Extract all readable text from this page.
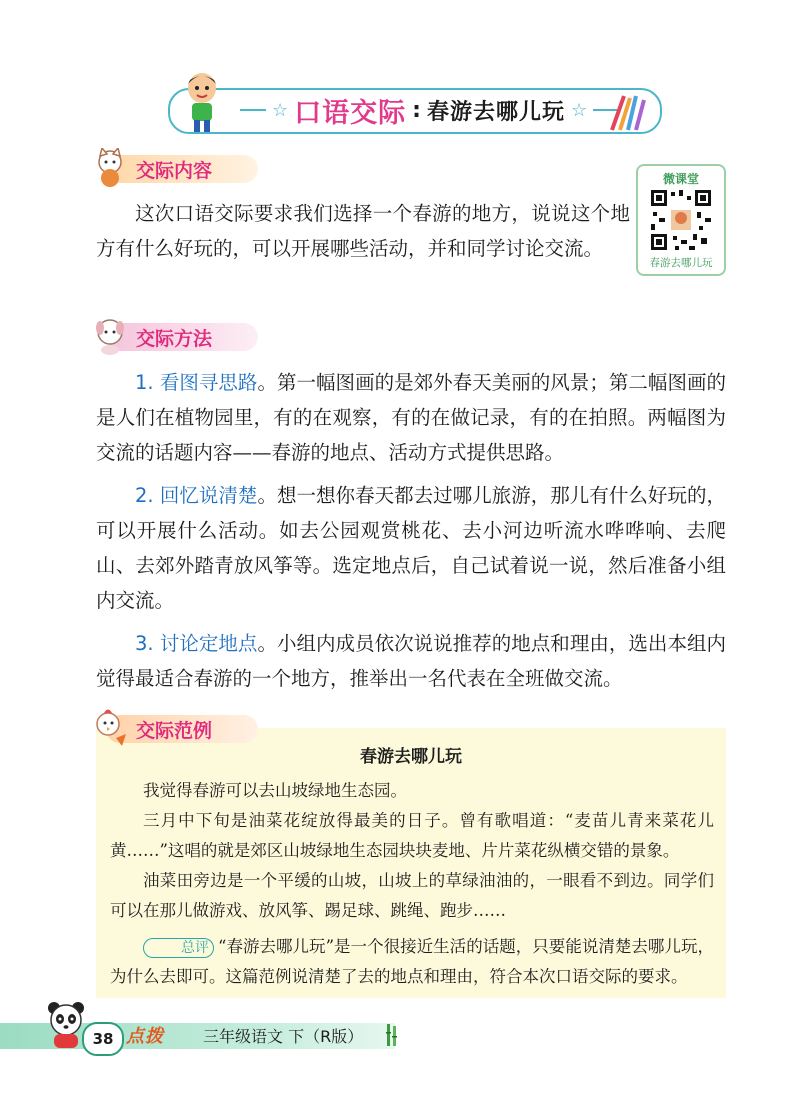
☆ 口语交际 : 春游去哪儿玩 ☆
交际内容
这次口语交际要求我们选择一个春游的地方，说说这个地方有什么好玩的，可以开展哪些活动，并和同学讨论交流。
微课堂
春游去哪儿玩
交际方法
1. 看图寻思路。第一幅图画的是郊外春天美丽的风景；第二幅图画的是人们在植物园里，有的在观察，有的在做记录，有的在拍照。两幅图为交流的话题内容——春游的地点、活动方式提供思路。
2. 回忆说清楚。想一想你春天都去过哪儿旅游，那儿有什么好玩的，可以开展什么活动。如去公园观赏桃花、去小河边听流水哗哗响、去爬山、去郊外踏青放风筝等。选定地点后，自己试着说一说，然后准备小组内交流。
3. 讨论定地点。小组内成员依次说说推荐的地点和理由，选出本组内觉得最适合春游的一个地方，推举出一名代表在全班做交流。
春游去哪儿玩
我觉得春游可以去山坡绿地生态园。
三月中下旬是油菜花绽放得最美的日子。曾有歌唱道：“麦苗儿青来菜花儿黄……”这唱的就是郊区山坡绿地生态园块块麦地、片片菜花纵横交错的景象。
油菜田旁边是一个平缓的山坡，山坡上的草绿油油的，一眼看不到边。同学们可以在那儿做游戏、放风筝、踢足球、跳绳、跑步……
总评 “春游去哪儿玩”是一个很接近生活的话题，只要能说清楚去哪儿玩，为什么去即可。这篇范例说清楚了去的地点和理由，符合本次口语交际的要求。
交际范例
38 点拨 三年级语文 下（R版）
